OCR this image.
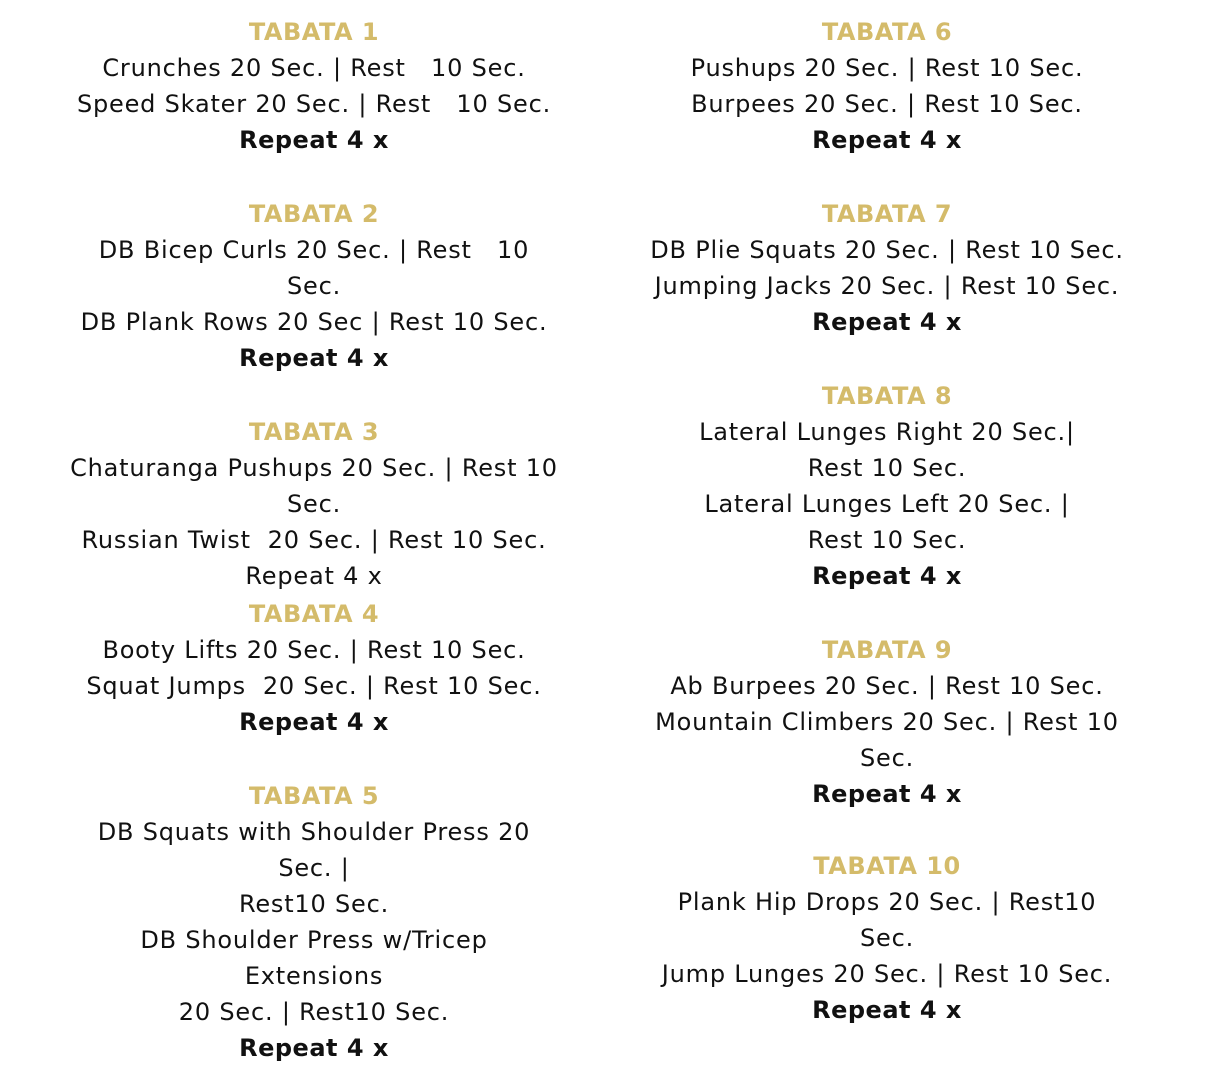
TABATA 1
Crunches 20 Sec. | Rest   10 Sec.
Speed Skater 20 Sec. | Rest   10 Sec.
Repeat 4 x
TABATA 2
DB Bicep Curls 20 Sec. | Rest   10 Sec.
DB Plank Rows 20 Sec | Rest 10 Sec.
Repeat 4 x
TABATA 3
Chaturanga Pushups 20 Sec. | Rest 10
Sec.
Russian Twist  20 Sec. | Rest 10 Sec.
Repeat 4 x
TABATA 4
Booty Lifts 20 Sec. | Rest 10 Sec.
Squat Jumps  20 Sec. | Rest 10 Sec.
Repeat 4 x
TABATA 5
DB Squats with Shoulder Press 20 Sec. |
Rest10 Sec.
DB Shoulder Press w/Tricep Extensions
20 Sec. | Rest10 Sec.
Repeat 4 x
TABATA 6
Pushups 20 Sec. | Rest 10 Sec.
Burpees 20 Sec. | Rest 10 Sec.
Repeat 4 x
TABATA 7
DB Plie Squats 20 Sec. | Rest 10 Sec.
Jumping Jacks 20 Sec. | Rest 10 Sec.
Repeat 4 x
TABATA 8
Lateral Lunges Right 20 Sec.|
Rest 10 Sec.
Lateral Lunges Left 20 Sec. |
Rest 10 Sec.
Repeat 4 x
TABATA 9
Ab Burpees 20 Sec. | Rest 10 Sec.
Mountain Climbers 20 Sec. | Rest 10
Sec.
Repeat 4 x
TABATA 10
Plank Hip Drops 20 Sec. | Rest10 Sec.
Jump Lunges 20 Sec. | Rest 10 Sec.
Repeat 4 x
